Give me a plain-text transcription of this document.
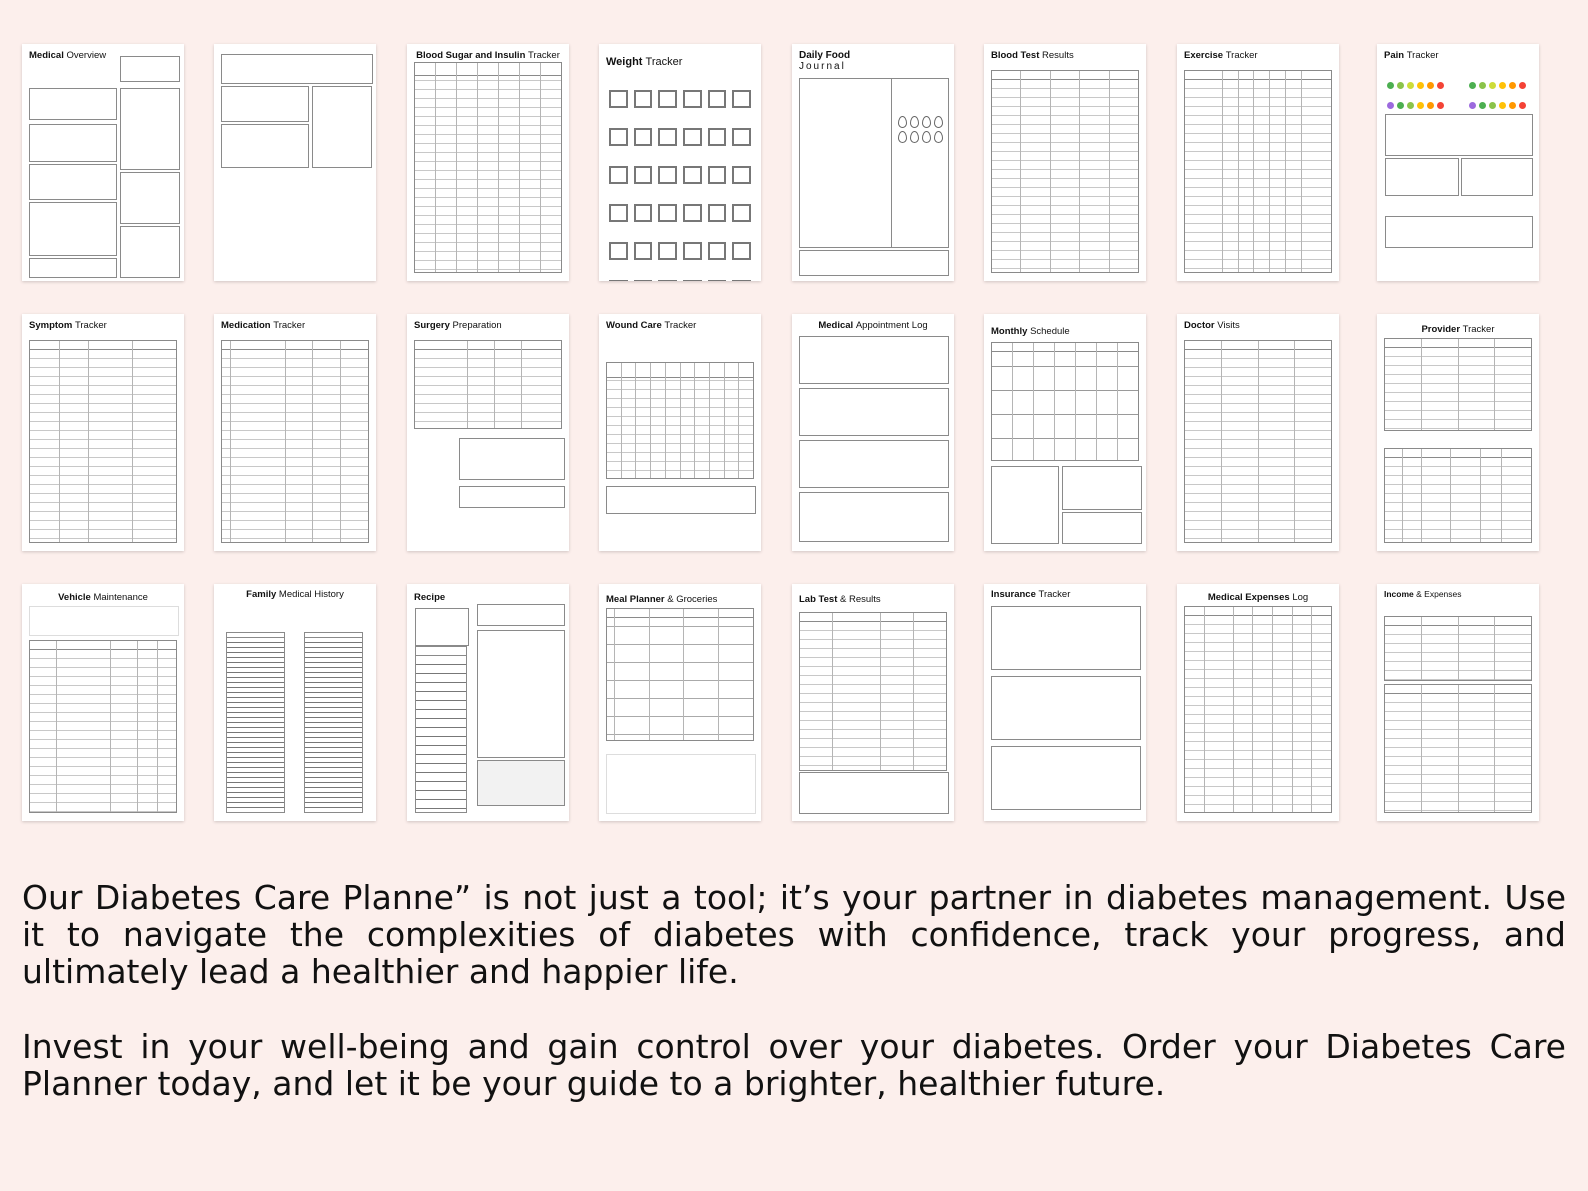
Medical Overview	Blood Sugar and Insulin Tracker
Weight Tracker
Daily Food
Journal
Blood Test Results	Exercise Tracker	Pain Tracker
Symptom Tracker	Medication Tracker	Surgery Preparation	Wound Care Tracker	Medical Appointment Log
Monthly Schedule
Doctor Visits	Provider Tracker
Vehicle Maintenance	Family Medical History	Recipe	Meal Planner & Groceries	Lab Test & Results	Insurance Tracker	Medical Expenses Log	Income & Expenses

Our Diabetes Care Planne” is not just a tool; it’s your partner in diabetes management. Use it to navigate the complexities of diabetes with confidence, track your progress, and ultimately lead a healthier and happier life.

Invest in your well-being and gain control over your diabetes. Order your Diabetes Care Planner today, and let it be your guide to a brighter, healthier future.
